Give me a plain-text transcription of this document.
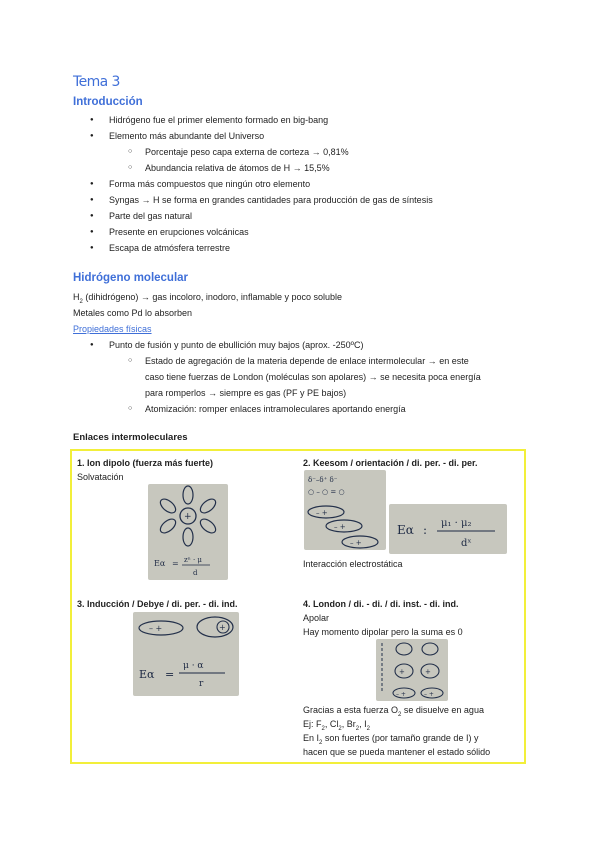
Tema 3
Introducción
● Hidrógeno fue el primer elemento formado en big-bang
● Elemento más abundante del Universo
○ Porcentaje peso capa externa de corteza → 0,81%
○ Abundancia relativa de átomos de H → 15,5%
● Forma más compuestos que ningún otro elemento
● Syngas → H se forma en grandes cantidades para producción de gas de síntesis
● Parte del gas natural
● Presente en erupciones volcánicas
● Escapa de atmósfera terrestre
Hidrógeno molecular
$H_2$ (dihidrógeno) → gas incoloro, inodoro, inflamable y poco soluble
Metales como Pd lo absorben
Propiedades físicas
● Punto de fusión y punto de ebullición muy bajos (aprox. -250ºC)
○ Estado de agregación de la materia depende de enlace intermolecular → en este
caso tiene fuerzas de London (moléculas son apolares) → se necesita poca energía
para romperlos → siempre es gas (PF y PE bajos)
○ Atomización: romper enlaces intramoleculares aportando energía
Enlaces intermoleculares
1. Ion dipolo (fuerza más fuerte)
Solvatación
+
Eα = zⁿ · μ
d
2. Keesom / orientación / di. per. - di. per.
δ⁻–δ⁺ δ⁻
○ – ○ = ○
– +
– +
– +
Eα : μ₁ · μ₂
dˣ
Interacción electrostática
3. Inducción / Debye / di. per. - di. ind.
– +	+
Eα =
μ · α
r
4. London / di. - di. / di. inst. - di. ind.
Apolar
Hay momento dipolar pero la suma es 0
+	+
– +	– +
Gracias a esta fuerza $O_2$ se disuelve en agua
Ej: $F_2$, $Cl_2$, $Br_2$, $I_2$
En $I_2$ son fuertes (por tamaño grande de I) y
hacen que se pueda mantener el estado sólido
